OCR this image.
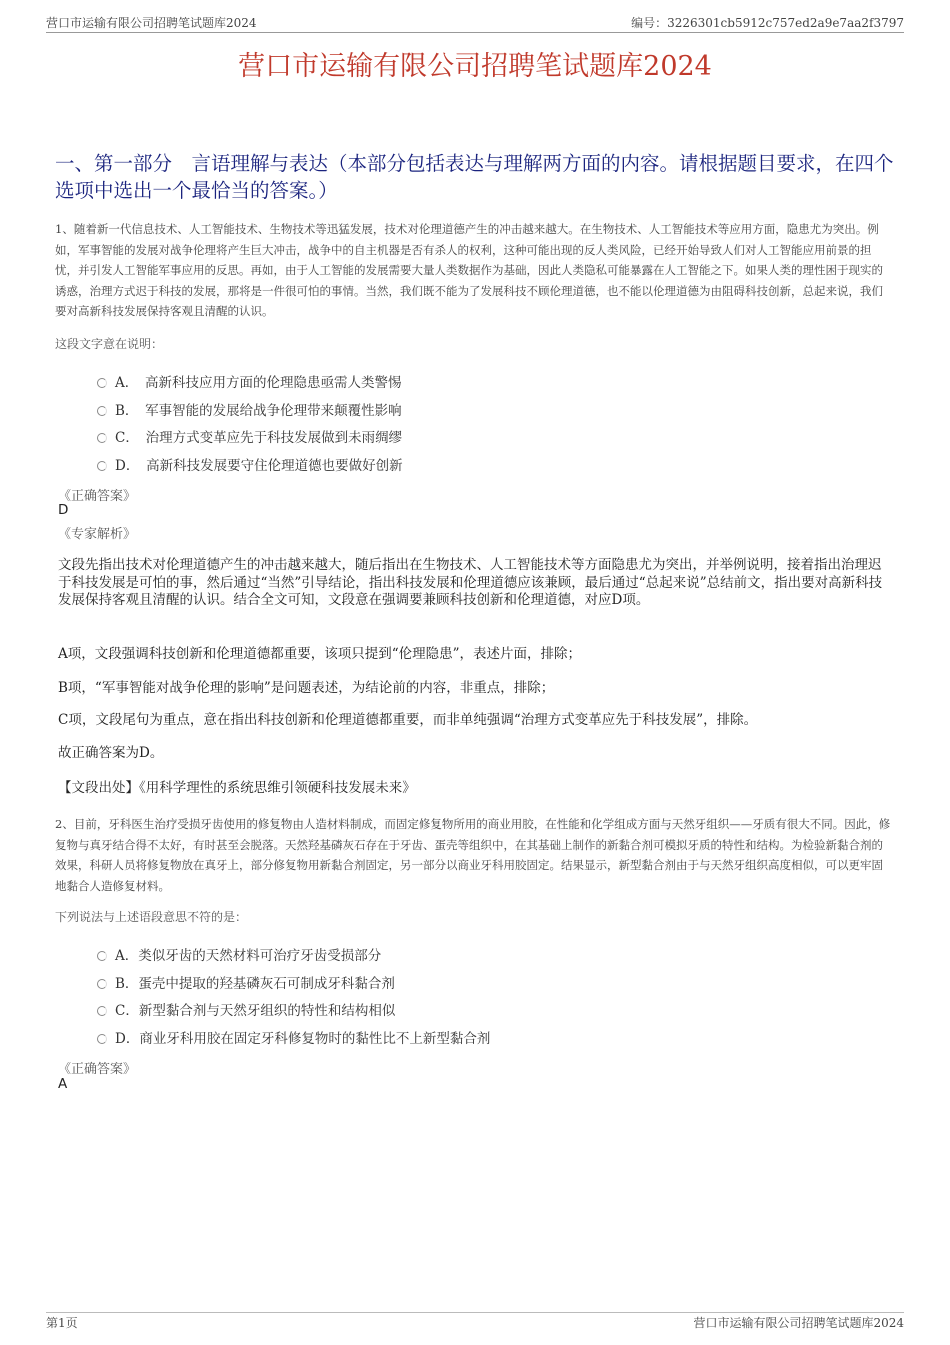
营口市运输有限公司招聘笔试题库2024	编号：3226301cb5912c757ed2a9e7aa2f3797
营口市运输有限公司招聘笔试题库2024
一、第一部分　言语理解与表达（本部分包括表达与理解两方面的内容。请根据题目要求，在四个选项中选出一个最恰当的答案。）
1、随着新一代信息技术、人工智能技术、生物技术等迅猛发展，技术对伦理道德产生的冲击越来越大。在生物技术、人工智能技术等应用方面，隐患尤为突出。例如，军事智能的发展对战争伦理将产生巨大冲击，战争中的自主机器是否有杀人的权利，这种可能出现的反人类风险，已经开始导致人们对人工智能应用前景的担忧，并引发人工智能军事应用的反思。再如，由于人工智能的发展需要大量人类数据作为基础，因此人类隐私可能暴露在人工智能之下。如果人类的理性困于现实的诱惑，治理方式迟于科技的发展，那将是一件很可怕的事情。当然，我们既不能为了发展科技不顾伦理道德，也不能以伦理道德为由阻碍科技创新，总起来说，我们要对高新科技发展保持客观且清醒的认识。
这段文字意在说明：
A．　高新科技应用方面的伦理隐患亟需人类警惕
B．　军事智能的发展给战争伦理带来颠覆性影响
C．　治理方式变革应先于科技发展做到未雨绸缪
D．　高新科技发展要守住伦理道德也要做好创新
《正确答案》
D
《专家解析》
文段先指出技术对伦理道德产生的冲击越来越大，随后指出在生物技术、人工智能技术等方面隐患尤为突出，并举例说明，接着指出治理迟于科技发展是可怕的事，然后通过“当然”引导结论，指出科技发展和伦理道德应该兼顾，最后通过“总起来说”总结前文，指出要对高新科技发展保持客观且清醒的认识。结合全文可知，文段意在强调要兼顾科技创新和伦理道德，对应D项。
A项，文段强调科技创新和伦理道德都重要，该项只提到“伦理隐患”，表述片面，排除；
B项，“军事智能对战争伦理的影响”是问题表述，为结论前的内容，非重点，排除；
C项，文段尾句为重点，意在指出科技创新和伦理道德都重要，而非单纯强调“治理方式变革应先于科技发展”，排除。
故正确答案为D。
【文段出处】《用科学理性的系统思维引领硬科技发展未来》
2、目前，牙科医生治疗受损牙齿使用的修复物由人造材料制成，而固定修复物所用的商业用胶，在性能和化学组成方面与天然牙组织——牙质有很大不同。因此，修复物与真牙结合得不太好，有时甚至会脱落。天然羟基磷灰石存在于牙齿、蛋壳等组织中，在其基础上制作的新黏合剂可模拟牙质的特性和结构。为检验新黏合剂的效果，科研人员将修复物放在真牙上，部分修复物用新黏合剂固定，另一部分以商业牙科用胶固定。结果显示，新型黏合剂由于与天然牙组织高度相似，可以更牢固地黏合人造修复材料。
下列说法与上述语段意思不符的是：
A．类似牙齿的天然材料可治疗牙齿受损部分
B．蛋壳中提取的羟基磷灰石可制成牙科黏合剂
C．新型黏合剂与天然牙组织的特性和结构相似
D．商业牙科用胶在固定牙科修复物时的黏性比不上新型黏合剂
《正确答案》
A
第1页	营口市运输有限公司招聘笔试题库2024
